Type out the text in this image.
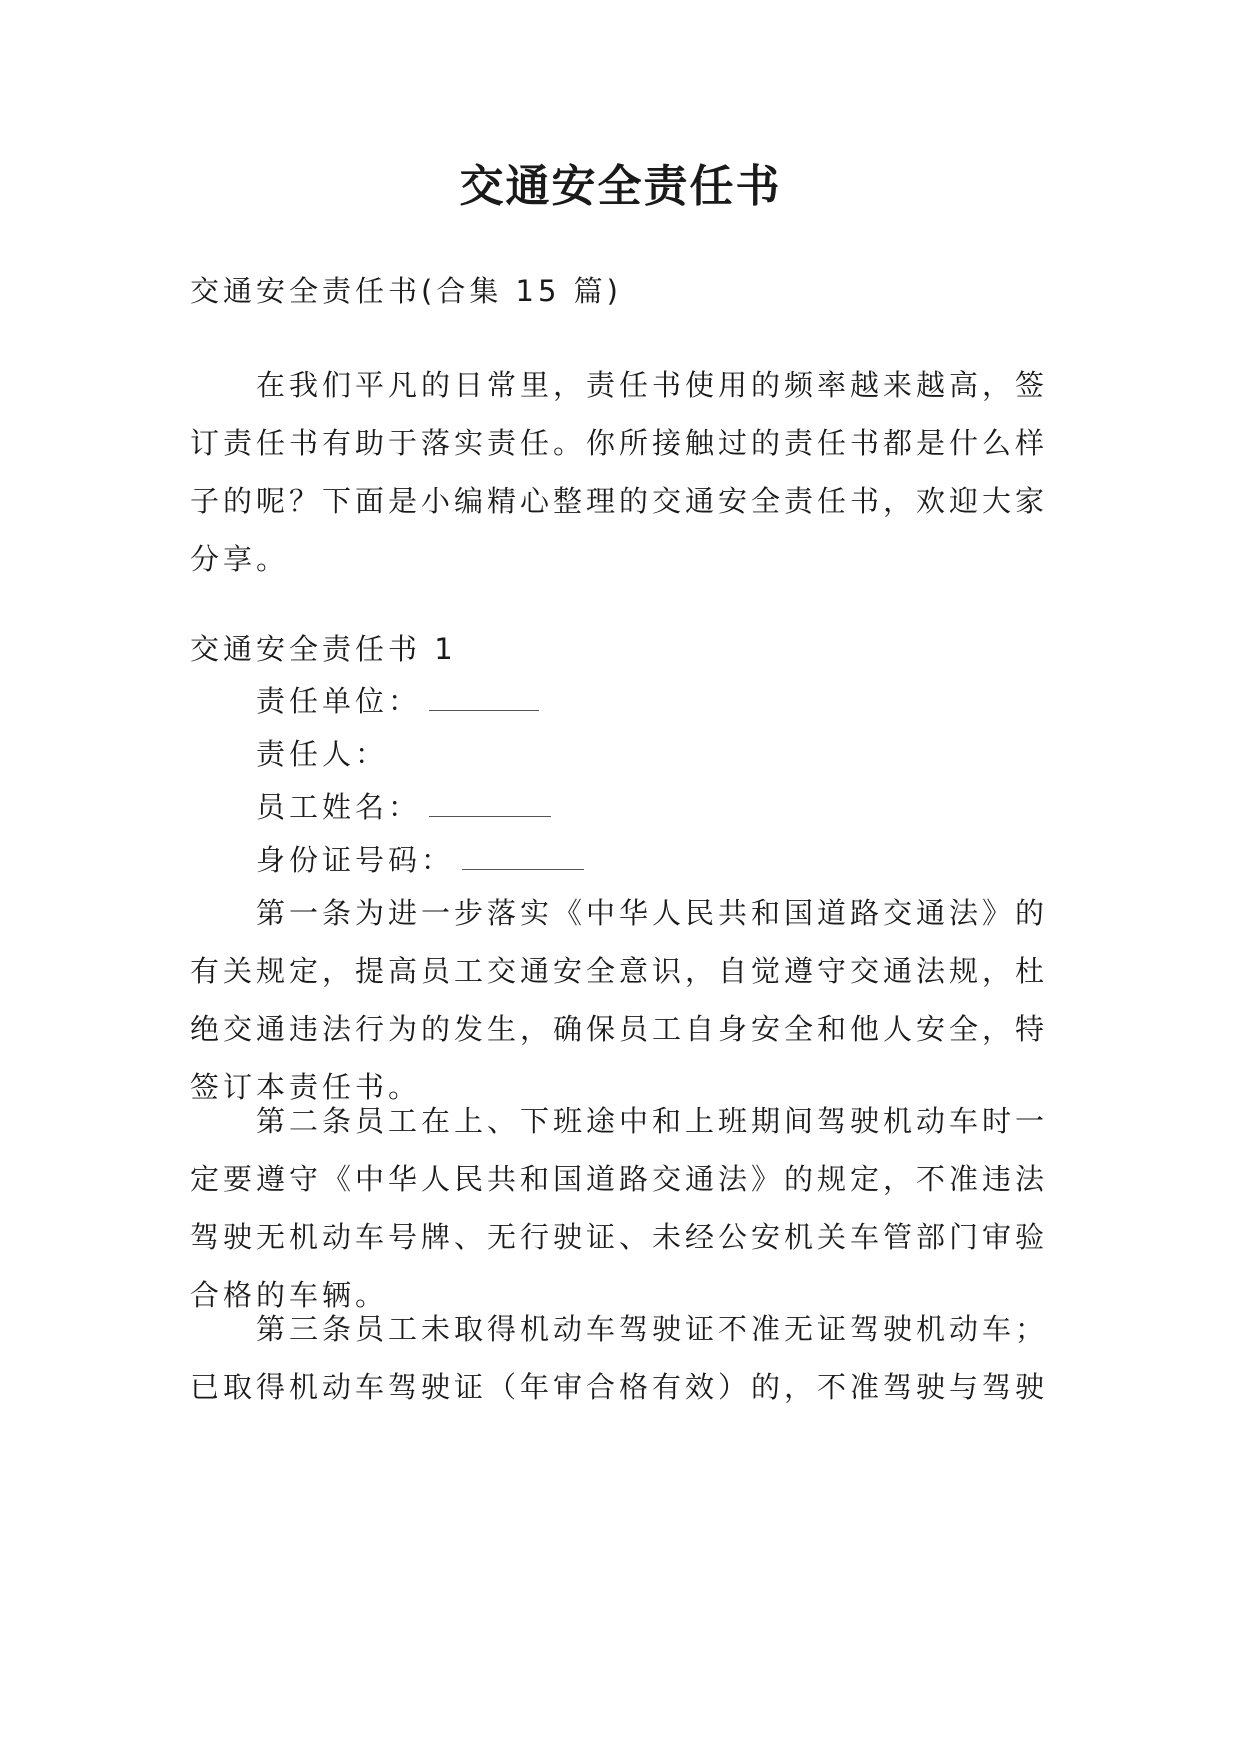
交通安全责任书

交通安全责任书(合集 15 篇)

在我们平凡的日常里，责任书使用的频率越来越高，签订责任书有助于落实责任。你所接触过的责任书都是什么样子的呢？下面是小编精心整理的交通安全责任书，欢迎大家分享。

交通安全责任书 1

责任单位：

责任人：

员工姓名：

身份证号码：

第一条为进一步落实《中华人民共和国道路交通法》的有关规定，提高员工交通安全意识，自觉遵守交通法规，杜绝交通违法行为的发生，确保员工自身安全和他人安全，特签订本责任书。

第二条员工在上、下班途中和上班期间驾驶机动车时一定要遵守《中华人民共和国道路交通法》的规定，不准违法驾驶无机动车号牌、无行驶证、未经公安机关车管部门审验合格的车辆。

第三条员工未取得机动车驾驶证不准无证驾驶机动车；已取得机动车驾驶证（年审合格有效）的，不准驾驶与驾驶
